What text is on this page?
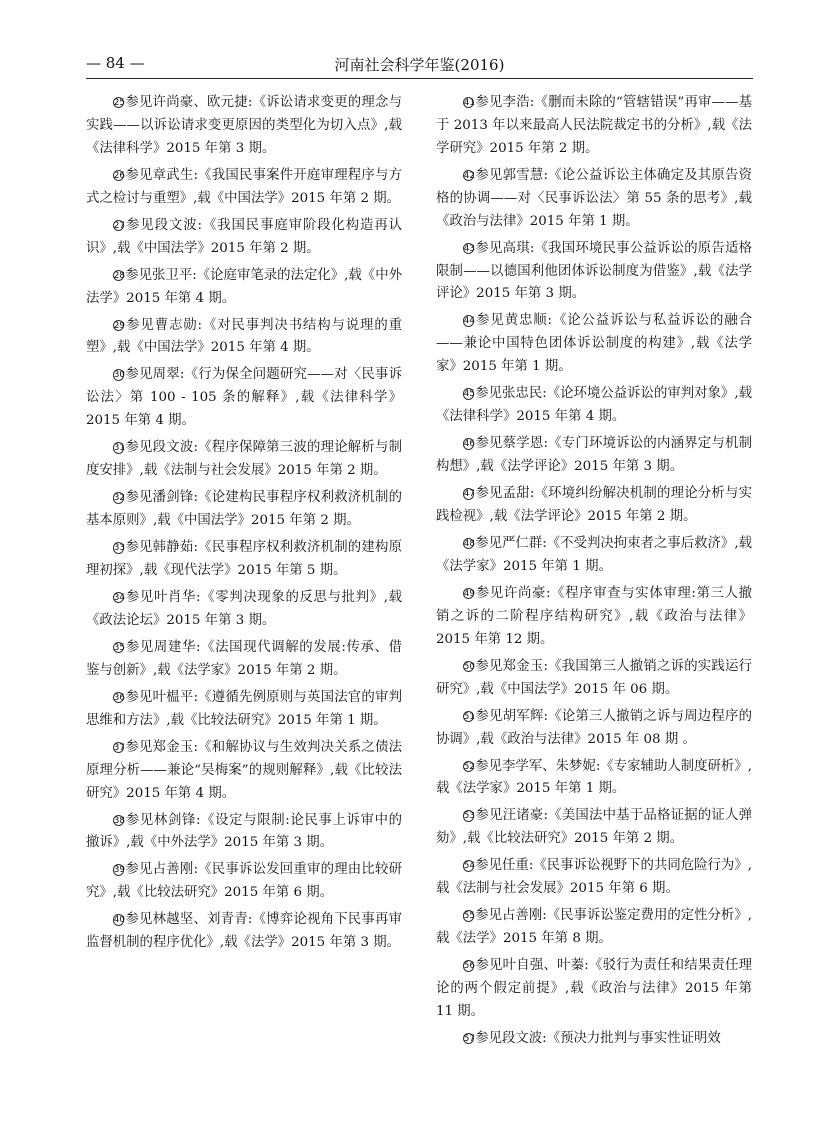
— 84 —	河南社会科学年鉴(2016)

25参见许尚豪、欧元捷:《诉讼请求变更的理念与实践——以诉讼请求变更原因的类型化为切入点》,载《法律科学》2015 年第 3 期。

26参见章武生:《我国民事案件开庭审理程序与方式之检讨与重塑》,载《中国法学》2015 年第 2 期。

27参见段文波:《我国民事庭审阶段化构造再认识》,载《中国法学》2015 年第 2 期。

28参见张卫平:《论庭审笔录的法定化》,载《中外法学》2015 年第 4 期。

29参见曹志勋:《对民事判决书结构与说理的重塑》,载《中国法学》2015 年第 4 期。

30参见周翠:《行为保全问题研究——对〈民事诉讼法〉第 100 - 105 条的解释》,载《法律科学》2015 年第 4 期。

31参见段文波:《程序保障第三波的理论解析与制度安排》,载《法制与社会发展》2015 年第 2 期。

32参见潘剑锋:《论建构民事程序权利救济机制的基本原则》,载《中国法学》2015 年第 2 期。

33参见韩静茹:《民事程序权利救济机制的建构原理初探》,载《现代法学》2015 年第 5 期。

34参见叶肖华:《零判决现象的反思与批判》,载《政法论坛》2015 年第 3 期。

35参见周建华:《法国现代调解的发展:传承、借鉴与创新》,载《法学家》2015 年第 2 期。

36参见叶榅平:《遵循先例原则与英国法官的审判思维和方法》,载《比较法研究》2015 年第 1 期。

37参见郑金玉:《和解协议与生效判决关系之债法原理分析——兼论“吴梅案”的规则解释》,载《比较法研究》2015 年第 4 期。

38参见林剑锋:《设定与限制:论民事上诉审中的撤诉》,载《中外法学》2015 年第 3 期。

39参见占善刚:《民事诉讼发回重审的理由比较研究》,载《比较法研究》2015 年第 6 期。

40参见林越坚、刘青青:《博弈论视角下民事再审监督机制的程序优化》,载《法学》2015 年第 3 期。

41参见李浩:《删而未除的“管辖错误”再审——基于 2013 年以来最高人民法院裁定书的分析》,载《法学研究》2015 年第 2 期。

42参见郭雪慧:《论公益诉讼主体确定及其原告资格的协调——对〈民事诉讼法〉第 55 条的思考》,载《政治与法律》2015 年第 1 期。

43参见高琪:《我国环境民事公益诉讼的原告适格限制——以德国利他团体诉讼制度为借鉴》,载《法学评论》2015 年第 3 期。

44参见黄忠顺:《论公益诉讼与私益诉讼的融合——兼论中国特色团体诉讼制度的构建》,载《法学家》2015 年第 1 期。

45参见张忠民:《论环境公益诉讼的审判对象》,载《法律科学》2015 年第 4 期。

46参见蔡学恩:《专门环境诉讼的内涵界定与机制构想》,载《法学评论》2015 年第 3 期。

47参见孟甜:《环境纠纷解决机制的理论分析与实践检视》,载《法学评论》2015 年第 2 期。

48参见严仁群:《不受判决拘束者之事后救济》,载《法学家》2015 年第 1 期。

49参见许尚豪:《程序审查与实体审理:第三人撤销之诉的二阶程序结构研究》,载《政治与法律》2015 年第 12 期。

50参见郑金玉:《我国第三人撤销之诉的实践运行研究》,载《中国法学》2015 年 06 期。

51参见胡军辉:《论第三人撤销之诉与周边程序的协调》,载《政治与法律》2015 年 08 期 。

52参见李学军、朱梦妮:《专家辅助人制度研析》,载《法学家》2015 年第 1 期。

53参见汪诸豪:《美国法中基于品格证据的证人弹劾》,载《比较法研究》2015 年第 2 期。

54参见任重:《民事诉讼视野下的共同危险行为》,载《法制与社会发展》2015 年第 6 期。

55参见占善刚:《民事诉讼鉴定费用的定性分析》,载《法学》2015 年第 8 期。

56参见叶自强、叶蓁:《驳行为责任和结果责任理论的两个假定前提》,载《政治与法律》2015 年第 11 期。

57参见段文波:《预决力批判与事实性证明效
